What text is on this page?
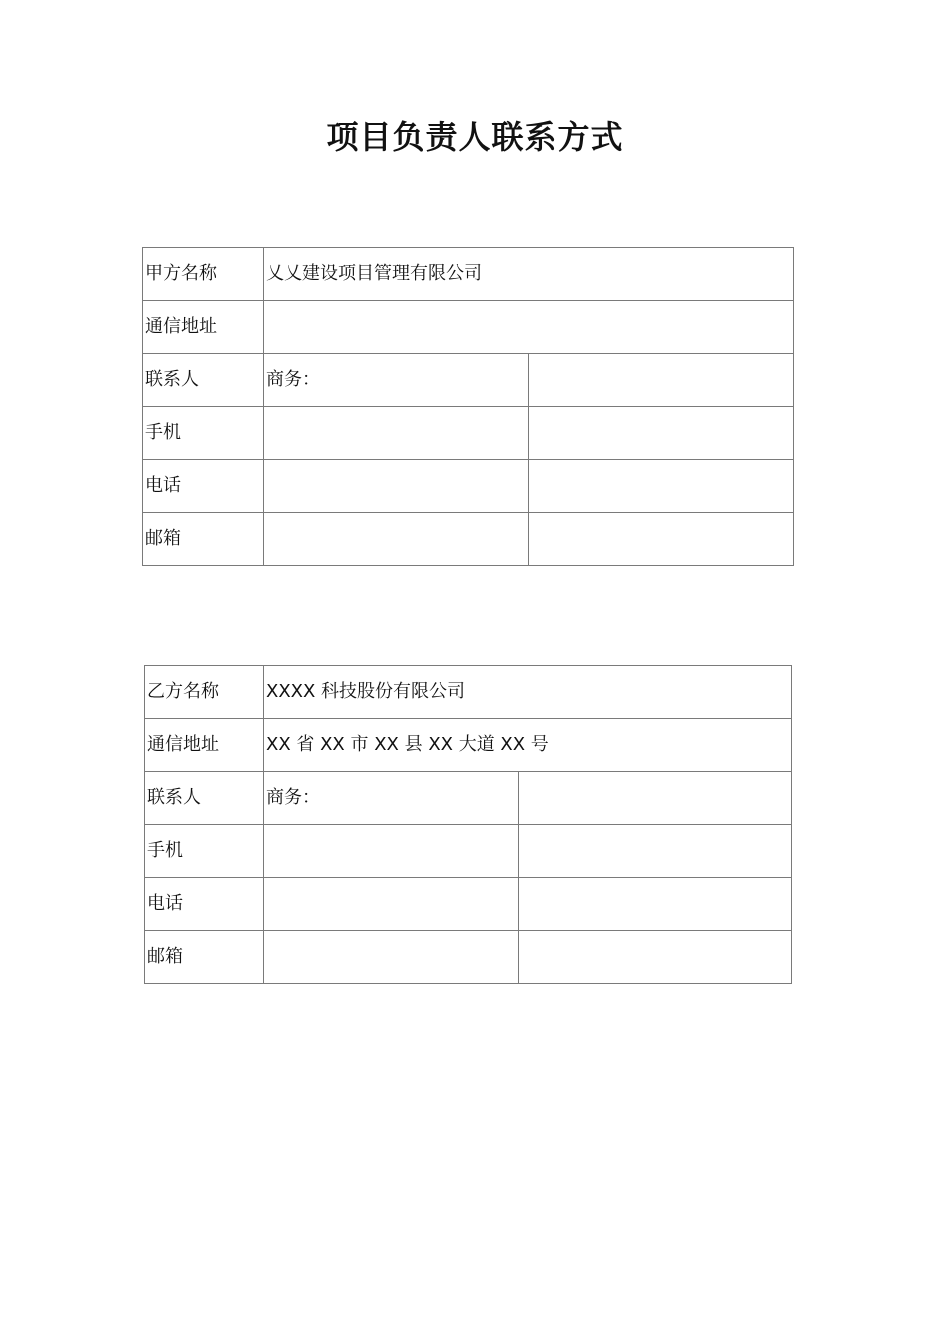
项目负责人联系方式
甲方名称	乂乂建设项目管理有限公司	
通信地址		
联系人	商务：	
手机		
电话		
邮箱		
乙方名称	XXXX 科技股份有限公司	
通信地址	XX 省 XX 市 XX 县 XX 大道 XX 号	
联系人	商务：	
手机		
电话		
邮箱		
